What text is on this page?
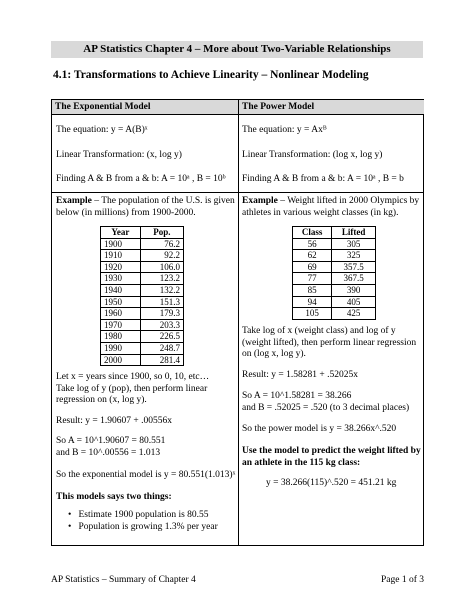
AP Statistics Chapter 4 – More about Two-Variable Relationships
4.1: Transformations to Achieve Linearity – Nonlinear Modeling
The Exponential Model	The Power Model
The equation: y = A(B)ˣ
Linear Transformation: (x, log y)
Finding A & B from a & b: A = 10ᵃ , B = 10ᵇ
Example – The population of the U.S. is given
below (in millions) from 1900-2000.
Year	Pop.
1900	76.2
1910	92.2
1920	106.0
1930	123.2
1940	132.2
1950	151.3
1960	179.3
1970	203.3
1980	226.5
1990	248.7
2000	281.4
Let x = years since 1900, so 0, 10, etc…
Take log of y (pop), then perform linear
regression on (x, log y).
Result: y = 1.90607 + .00556x
So A = 10^1.90607 = 80.551
and B = 10^.00556 = 1.013
So the exponential model is y = 80.551(1.013)ˣ
This models says two things:
•   Estimate 1900 population is 80.55
•   Population is growing 1.3% per year
The equation: y = Axᴮ
Linear Transformation: (log x, log y)
Finding A & B from a & b: A = 10ᵃ , B = b
Example – Weight lifted in 2000 Olympics by
athletes in various weight classes (in kg).
Class	Lifted
56	305
62	325
69	357.5
77	367.5
85	390
94	405
105	425
Take log of x (weight class) and log of y
(weight lifted), then perform linear regression
on (log x, log y).
Result: y = 1.58281 + .52025x
So A = 10^1.58281 = 38.266
and B = .52025 = .520 (to 3 decimal places)
So the power model is y = 38.266x^.520
Use the model to predict the weight lifted by
an athlete in the 115 kg class:
y = 38.266(115)^.520 = 451.21 kg
AP Statistics – Summary of Chapter 4	Page 1 of 3
